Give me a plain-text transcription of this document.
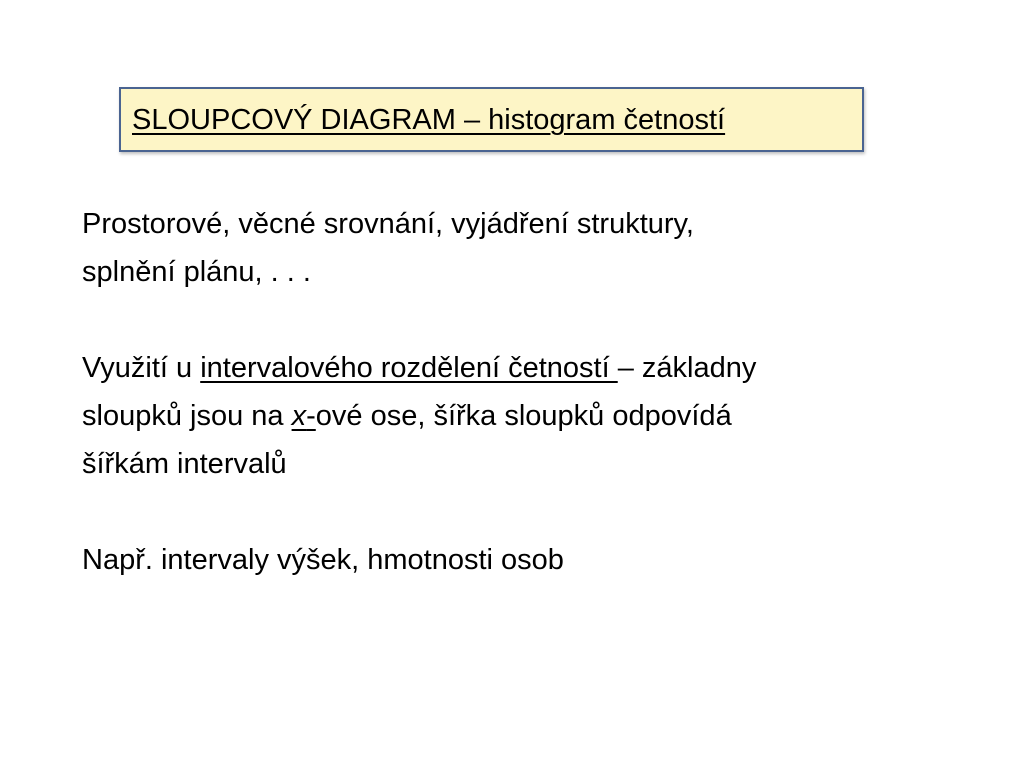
SLOUPCOVÝ DIAGRAM – histogram četností

Prostorové, věcné srovnání, vyjádření struktury,
splnění plánu, . . .

Využití u intervalového rozdělení četností – základny
sloupků jsou na x-ové ose, šířka sloupků odpovídá
šířkám intervalů

Např. intervaly výšek, hmotnosti osob
